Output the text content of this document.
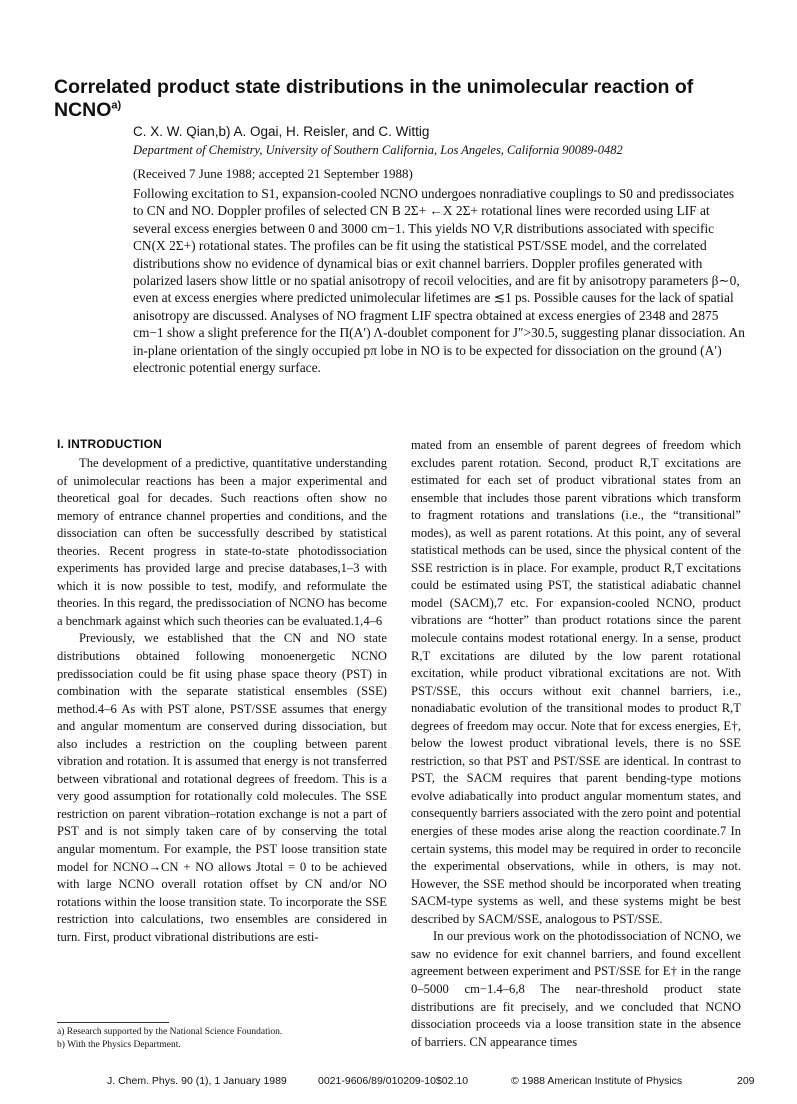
Correlated product state distributions in the unimolecular reaction of NCNO$^{a)}$
C. X. W. Qian,b) A. Ogai, H. Reisler, and C. Wittig
Department of Chemistry, University of Southern California, Los Angeles, California 90089-0482
(Received 7 June 1988; accepted 21 September 1988)

Following excitation to S1, expansion-cooled NCNO undergoes nonradiative couplings to S0 and predissociates to CN and NO. Doppler profiles of selected CN B 2Σ+ ←X 2Σ+ rotational lines were recorded using LIF at several excess energies between 0 and 3000 cm−1. This yields NO V,R distributions associated with specific CN(X 2Σ+) rotational states. The profiles can be fit using the statistical PST/SSE model, and the correlated distributions show no evidence of dynamical bias or exit channel barriers. Doppler profiles generated with polarized lasers show little or no spatial anisotropy of recoil velocities, and are fit by anisotropy parameters β∼0, even at excess energies where predicted unimolecular lifetimes are ≲1 ps. Possible causes for the lack of spatial anisotropy are discussed. Analyses of NO fragment LIF spectra obtained at excess energies of 2348 and 2875 cm−1 show a slight preference for the Π(A′) Λ-doublet component for J″>30.5, suggesting planar dissociation. An in-plane orientation of the singly occupied pπ lobe in NO is to be expected for dissociation on the ground (A′) electronic potential energy surface.

I. INTRODUCTION

The development of a predictive, quantitative understanding of unimolecular reactions has been a major experimental and theoretical goal for decades. Such reactions often show no memory of entrance channel properties and conditions, and the dissociation can often be successfully described by statistical theories. Recent progress in state-to-state photodissociation experiments has provided large and precise databases,1–3 with which it is now possible to test, modify, and reformulate the theories. In this regard, the predissociation of NCNO has become a benchmark against which such theories can be evaluated.1,4–6

Previously, we established that the CN and NO state distributions obtained following monoenergetic NCNO predissociation could be fit using phase space theory (PST) in combination with the separate statistical ensembles (SSE) method.4–6 As with PST alone, PST/SSE assumes that energy and angular momentum are conserved during dissociation, but also includes a restriction on the coupling between parent vibration and rotation. It is assumed that energy is not transferred between vibrational and rotational degrees of freedom. This is a very good assumption for rotationally cold molecules. The SSE restriction on parent vibration–rotation exchange is not a part of PST and is not simply taken care of by conserving the total angular momentum. For example, the PST loose transition state model for NCNO→CN + NO allows Jtotal = 0 to be achieved with large NCNO overall rotation offset by CN and/or NO rotations within the loose transition state. To incorporate the SSE restriction into calculations, two ensembles are considered in turn. First, product vibrational distributions are esti-

mated from an ensemble of parent degrees of freedom which excludes parent rotation. Second, product R,T excitations are estimated for each set of product vibrational states from an ensemble that includes those parent vibrations which transform to fragment rotations and translations (i.e., the “transitional” modes), as well as parent rotations. At this point, any of several statistical methods can be used, since the physical content of the SSE restriction is in place. For example, product R,T excitations could be estimated using PST, the statistical adiabatic channel model (SACM),7 etc. For expansion-cooled NCNO, product vibrations are “hotter” than product rotations since the parent molecule contains modest rotational energy. In a sense, product R,T excitations are diluted by the low parent rotational excitation, while product vibrational excitations are not. With PST/SSE, this occurs without exit channel barriers, i.e., nonadiabatic evolution of the transitional modes to product R,T degrees of freedom may occur. Note that for excess energies, E†, below the lowest product vibrational levels, there is no SSE restriction, so that PST and PST/SSE are identical. In contrast to PST, the SACM requires that parent bending-type motions evolve adiabatically into product angular momentum states, and consequently barriers associated with the zero point and potential energies of these modes arise along the reaction coordinate.7 In certain systems, this model may be required in order to reconcile the experimental observations, while in others, is may not. However, the SSE method should be incorporated when treating SACM-type systems as well, and these systems might be best described by SACM/SSE, analogous to PST/SSE.

In our previous work on the photodissociation of NCNO, we saw no evidence for exit channel barriers, and found excellent agreement between experiment and PST/SSE for E† in the range 0–5000 cm−1.4–6,8 The near-threshold product state distributions are fit precisely, and we concluded that NCNO dissociation proceeds via a loose transition state in the absence of barriers. CN appearance times

a) Research supported by the National Science Foundation.
b) With the Physics Department.
J. Chem. Phys. 90 (1), 1 January 1989	0021-9606/89/010209-10$02.10	© 1988 American Institute of Physics	209
